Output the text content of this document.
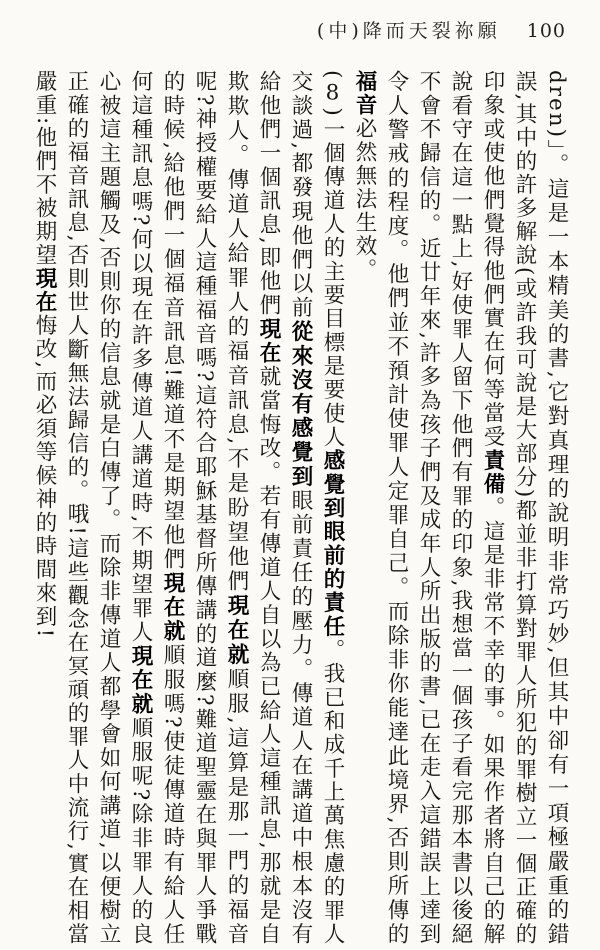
(中)降而天裂祢願 100

dren)」。這是一本精美的書,它對真理的說明非常巧妙,但其中卻有一項極嚴重的錯誤,其中的許多解說(或許我可說是大部分)都並非打算對罪人所犯的罪樹立一個正確的印象或使他們覺得他們實在何等當受責備。這是非常不幸的事。如果作者將自己的解說看守在這一點上,好使罪人留下他們有罪的印象,我想當一個孩子看完那本書以後絕不會不歸信的。近廿年來,許多為孩子們及成年人所出版的書,已在走入這錯誤上達到令人警戒的程度。他們並不預計使罪人定罪自己。而除非你能達此境界,否則所傳的福音必然無法生效。

(8)一個傳道人的主要目標是要使人感覺到眼前的責任。我已和成千上萬焦慮的罪人交談過,都發現他們以前從來沒有感覺到眼前責任的壓力。傳道人在講道中根本沒有給他們一個訊息,即他們現在就當悔改。若有傳道人自以為已給人這種訊息,那就是自欺欺人。傳道人給罪人的福音訊息,不是盼望他們現在就順服,這算是那一門的福音呢?神授權要給人這種福音嗎?這符合耶穌基督所傳講的道麼?難道聖靈在與罪人爭戰的時候,給他們一個福音訊息!難道不是期望他們現在就順服嗎?使徒傳道時有給人任何這種訊息嗎?何以現在許多傳道人講道時,不期望罪人現在就順服呢?除非罪人的良心被這主題觸及,否則你的信息就是白傳了。而除非傳道人都學會如何講道,以便樹立正確的福音訊息,否則世人斷無法歸信的。哦!這些觀念在冥頑的罪人中流行,實在相當嚴重:他們不被期望現在悔改,而必須等候神的時間來到!
